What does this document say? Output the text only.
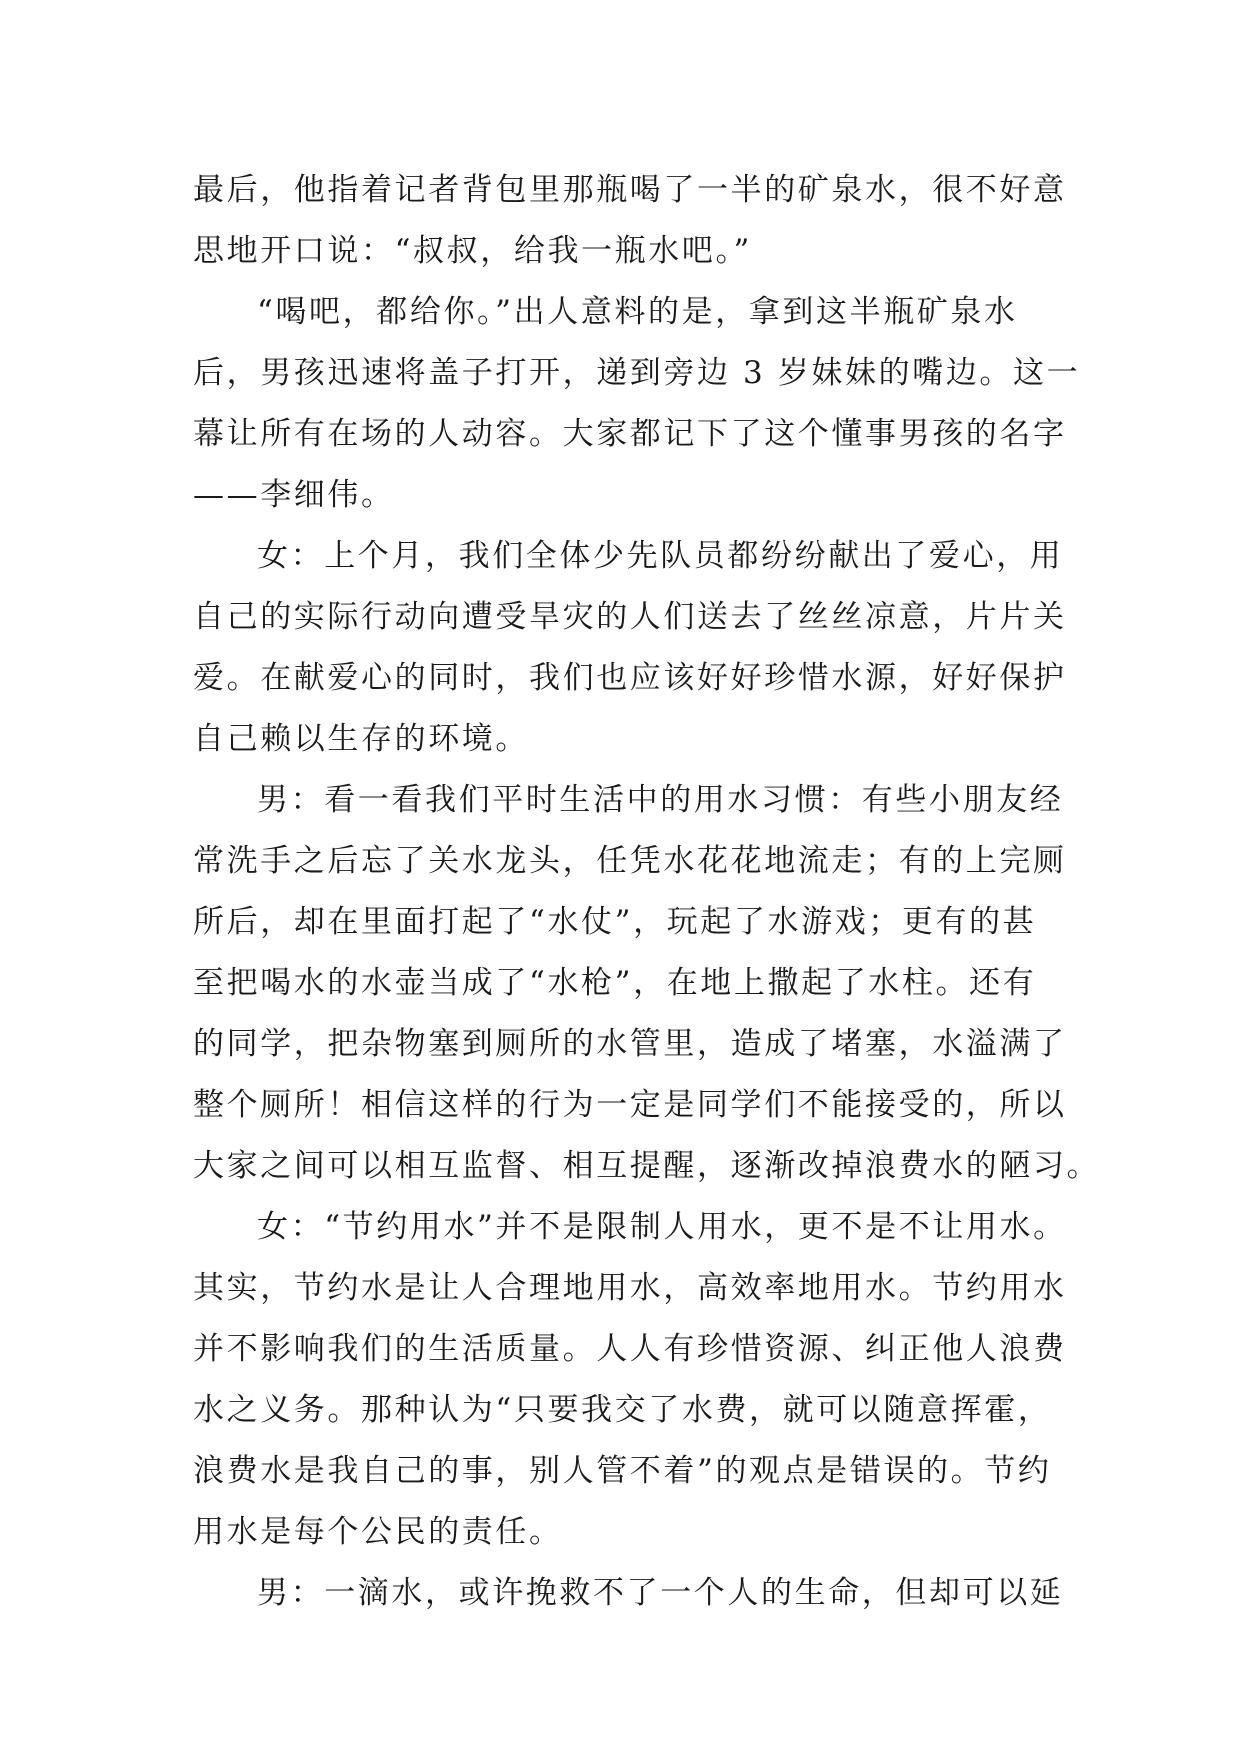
最后，他指着记者背包里那瓶喝了一半的矿泉水，很不好意
思地开口说：“叔叔，给我一瓶水吧。”
“喝吧，都给你。”出人意料的是，拿到这半瓶矿泉水
后，男孩迅速将盖子打开，递到旁边 3 岁妹妹的嘴边。这一
幕让所有在场的人动容。大家都记下了这个懂事男孩的名字
——李细伟。
女：上个月，我们全体少先队员都纷纷献出了爱心，用
自己的实际行动向遭受旱灾的人们送去了丝丝凉意，片片关
爱。在献爱心的同时，我们也应该好好珍惜水源，好好保护
自己赖以生存的环境。
男：看一看我们平时生活中的用水习惯：有些小朋友经
常洗手之后忘了关水龙头，任凭水花花地流走；有的上完厕
所后，却在里面打起了“水仗”，玩起了水游戏；更有的甚
至把喝水的水壶当成了“水枪”，在地上撒起了水柱。还有
的同学，把杂物塞到厕所的水管里，造成了堵塞，水溢满了
整个厕所！相信这样的行为一定是同学们不能接受的，所以
大家之间可以相互监督、相互提醒，逐渐改掉浪费水的陋习。
女：“节约用水”并不是限制人用水，更不是不让用水。
其实，节约水是让人合理地用水，高效率地用水。节约用水
并不影响我们的生活质量。人人有珍惜资源、纠正他人浪费
水之义务。那种认为“只要我交了水费，就可以随意挥霍，
浪费水是我自己的事，别人管不着”的观点是错误的。节约
用水是每个公民的责任。
男：一滴水，或许挽救不了一个人的生命，但却可以延
